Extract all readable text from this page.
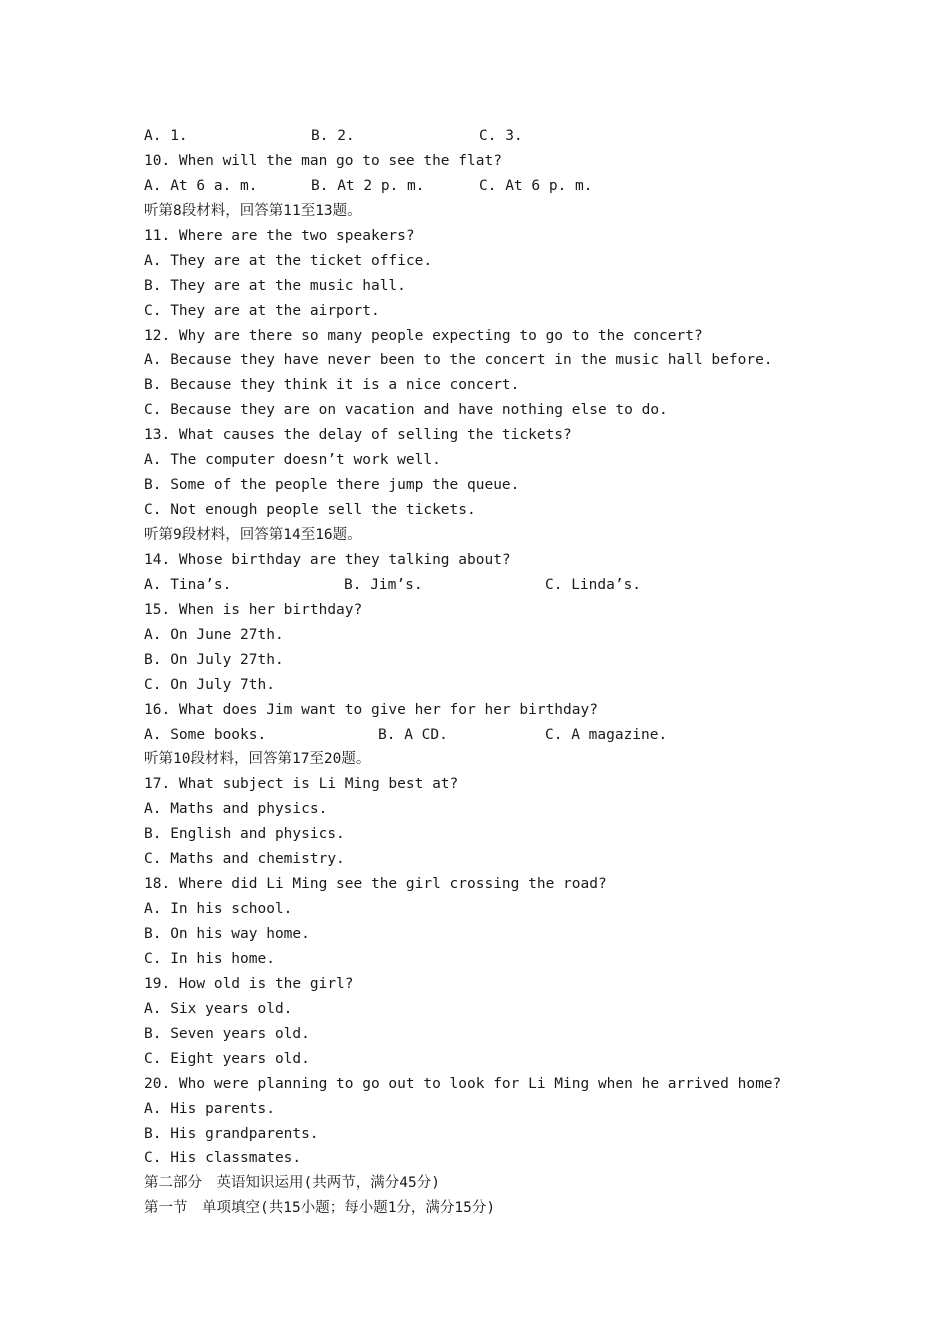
A. 1.

	B. 2.

	C. 3.

10. When will the man go to see the flat?

A. At 6 a. m.

	B. At 2 p. m.

	C. At 6 p. m.

听第8段材料，回答第11至13题。
11. Where are the two speakers?
A. They are at the ticket office.
B. They are at the music hall.
C. They are at the airport.
12. Why are there so many people expecting to go to the concert?
A. Because they have never been to the concert in the music hall before.
B. Because they think it is a nice concert.
C. Because they are on vacation and have nothing else to do.
13. What causes the delay of selling the tickets?
A. The computer doesn’t work well.
B. Some of the people there jump the queue.
C. Not enough people sell the tickets.
听第9段材料，回答第14至16题。
14. Whose birthday are they talking about?

A. Tina’s.

	B. Jim’s.

	C. Linda’s.

15. When is her birthday?
A. On June 27th.
B. On July 27th.
C. On July 7th.
16. What does Jim want to give her for her birthday?

A. Some books.

	B. A CD.

	C. A magazine.

听第10段材料，回答第17至20题。
17. What subject is Li Ming best at?
A. Maths and physics.
B. English and physics.
C. Maths and chemistry.
18. Where did Li Ming see the girl crossing the road?
A. In his school.
B. On his way home.
C. In his home.
19. How old is the girl?
A. Six years old.
B. Seven years old.
C. Eight years old.
20. Who were planning to go out to look for Li Ming when he arrived home?
A. His parents.
B. His grandparents.
C. His classmates.
第二部分　英语知识运用(共两节，满分45分)
第一节　单项填空(共15小题；每小题1分，满分15分)
